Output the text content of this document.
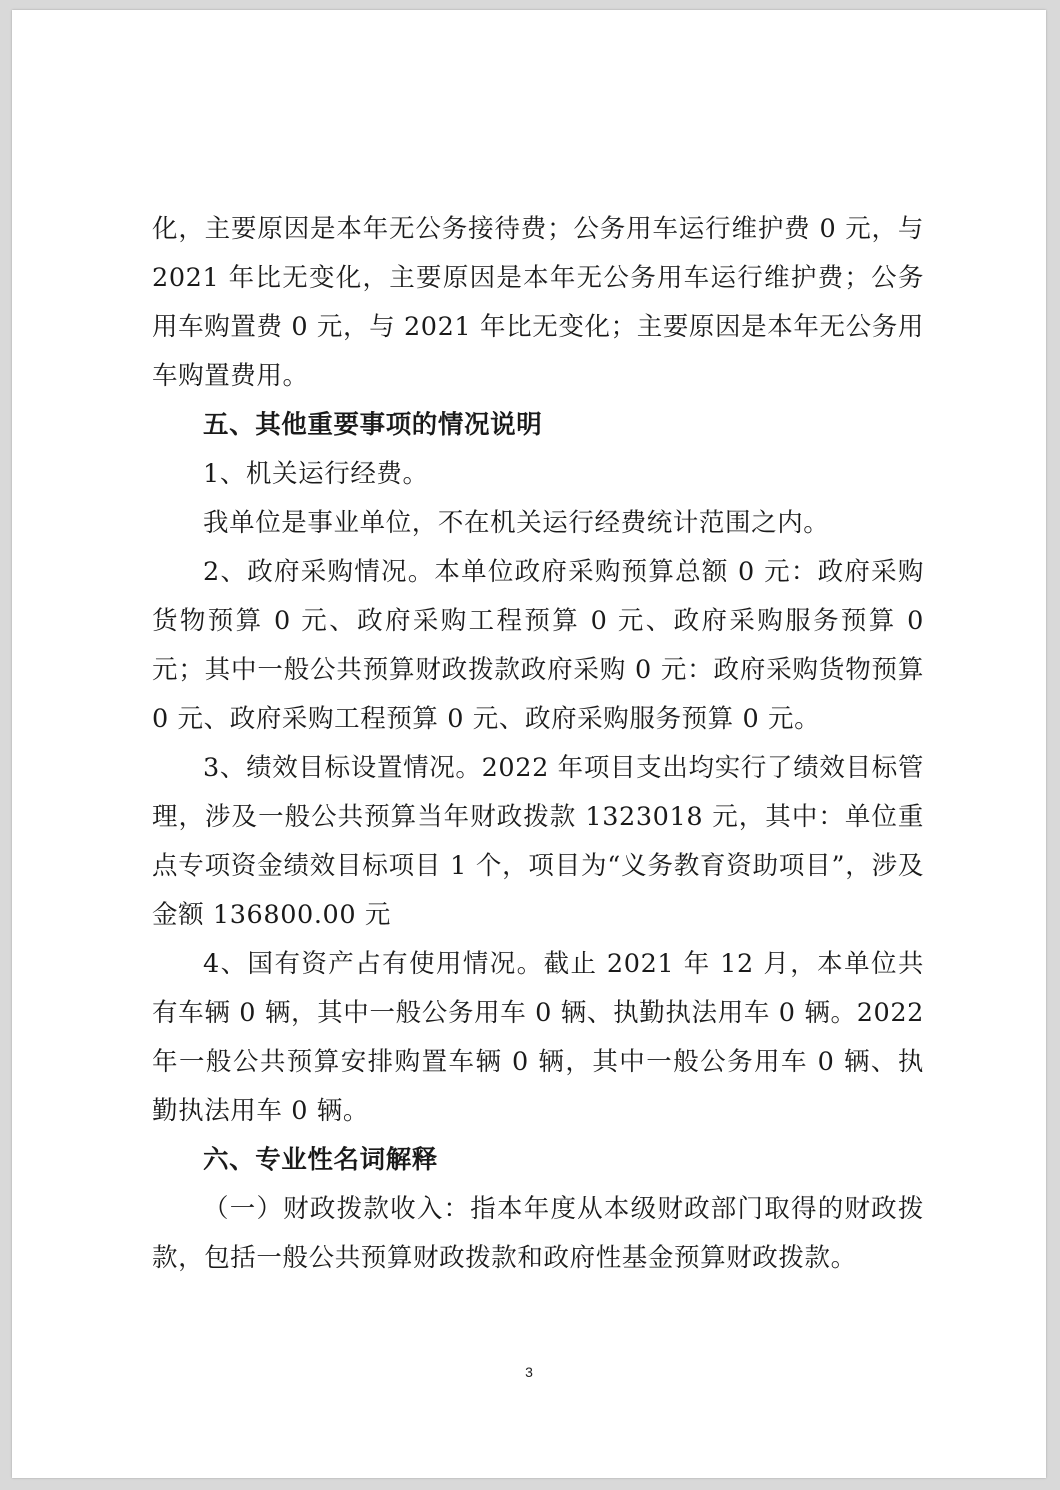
化，主要原因是本年无公务接待费；公务用车运行维护费 0 元，与 2021 年比无变化，主要原因是本年无公务用车运行维护费；公务用车购置费 0 元，与 2021 年比无变化；主要原因是本年无公务用车购置费用。

五、其他重要事项的情况说明

1、机关运行经费。

我单位是事业单位，不在机关运行经费统计范围之内。

2、政府采购情况。本单位政府采购预算总额 0 元：政府采购货物预算 0 元、政府采购工程预算 0 元、政府采购服务预算 0　元；其中一般公共预算财政拨款政府采购 0 元：政府采购货物预算 0 元、政府采购工程预算 0 元、政府采购服务预算 0 元。

3、绩效目标设置情况。2022 年项目支出均实行了绩效目标管理，涉及一般公共预算当年财政拨款 1323018 元，其中：单位重点专项资金绩效目标项目 1 个，项目为“义务教育资助项目”，涉及金额 136800.00 元

4、国有资产占有使用情况。截止 2021 年 12 月，本单位共有车辆 0 辆，其中一般公务用车 0 辆、执勤执法用车 0 辆。2022 年一般公共预算安排购置车辆 0 辆，其中一般公务用车 0 辆、执勤执法用车 0 辆。

六、专业性名词解释

（一）财政拨款收入：指本年度从本级财政部门取得的财政拨款，包括一般公共预算财政拨款和政府性基金预算财政拨款。

3
